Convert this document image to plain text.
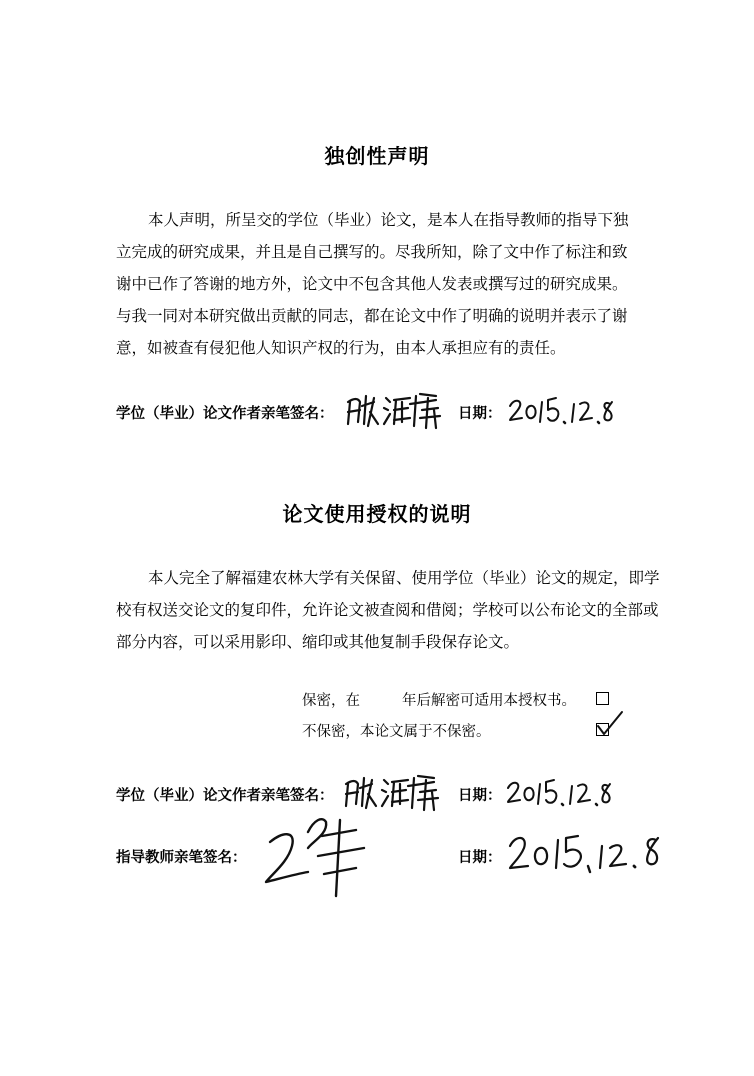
独创性声明
本人声明，所呈交的学位（毕业）论文，是本人在指导教师的指导下独
立完成的研究成果，并且是自己撰写的。尽我所知，除了文中作了标注和致
谢中已作了答谢的地方外，论文中不包含其他人发表或撰写过的研究成果。
与我一同对本研究做出贡献的同志，都在论文中作了明确的说明并表示了谢
意，如被查有侵犯他人知识产权的行为，由本人承担应有的责任。
学位（毕业）论文作者亲笔签名：	日期：
论文使用授权的说明
本人完全了解福建农林大学有关保留、使用学位（毕业）论文的规定，即学
校有权送交论文的复印件，允许论文被查阅和借阅；学校可以公布论文的全部或
部分内容，可以采用影印、缩印或其他复制手段保存论文。
保密，在	年后解密可适用本授权书。
不保密，本论文属于不保密。
学位（毕业）论文作者亲笔签名：	日期：
指导教师亲笔签名：	日期：
